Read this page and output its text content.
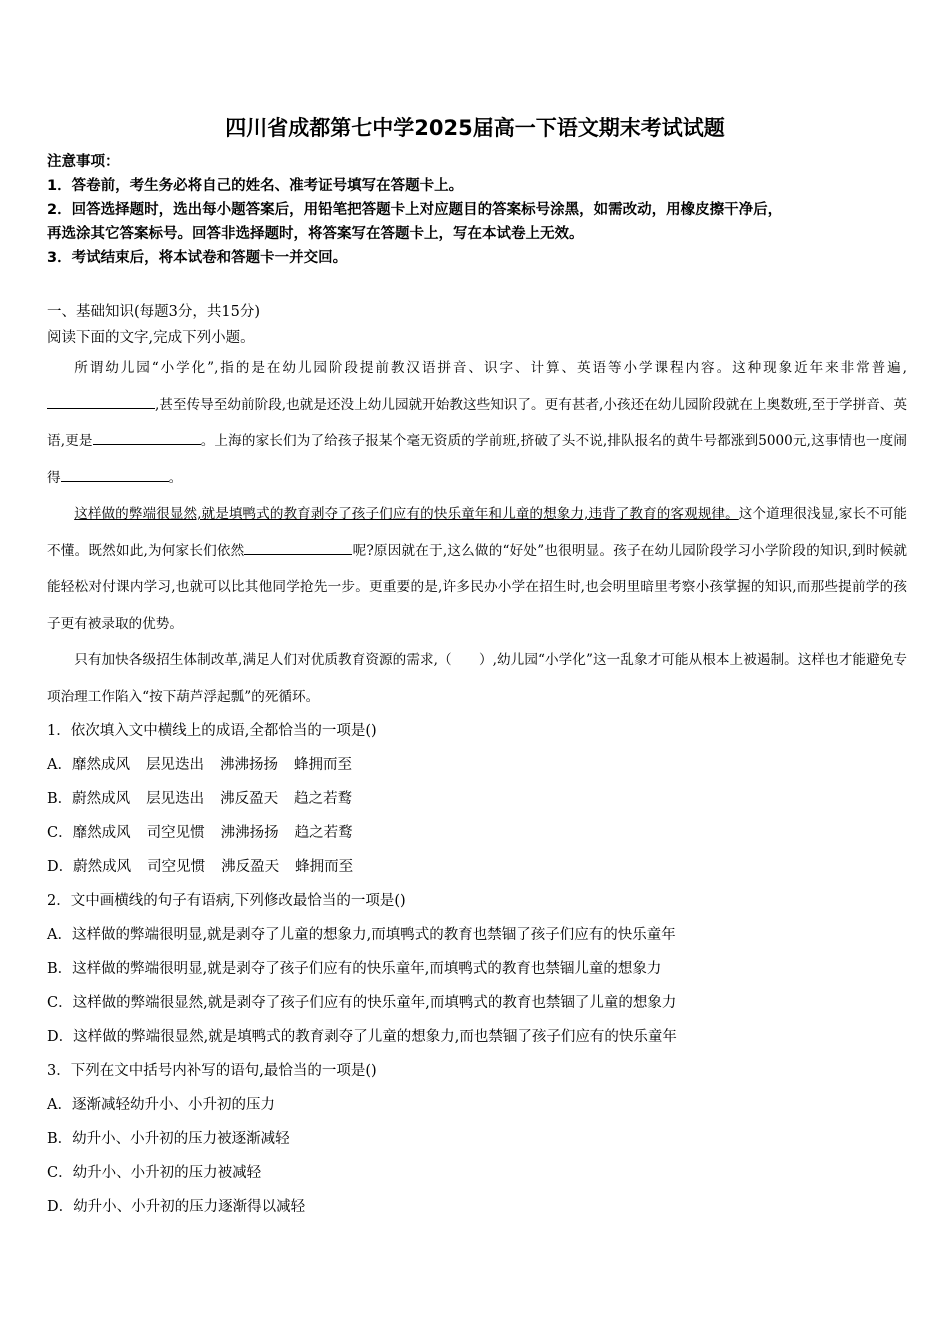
四川省成都第七中学2025届高一下语文期末考试试题
注意事项：
1．答卷前，考生务必将自己的姓名、准考证号填写在答题卡上。
2．回答选择题时，选出每小题答案后，用铅笔把答题卡上对应题目的答案标号涂黑，如需改动，用橡皮擦干净后，
再选涂其它答案标号。回答非选择题时，将答案写在答题卡上，写在本试卷上无效。
3．考试结束后，将本试卷和答题卡一并交回。
一、基础知识(每题3分，共15分)
阅读下面的文字,完成下列小题。

所谓幼儿园“小学化”,指的是在幼儿园阶段提前教汉语拼音、识字、计算、英语等小学课程内容。这种现象近年来非常普遍,,甚至传导至幼前阶段,也就是还没上幼儿园就开始教这些知识了。更有甚者,小孩还在幼儿园阶段就在上奥数班,至于学拼音、英语,更是	。上海的家长们为了给孩子报某个毫无资质的学前班,挤破了头不说,排队报名的黄牛号都涨到5000元,这事情也一度闹得	。

这样做的弊端很显然,就是填鸭式的教育剥夺了孩子们应有的快乐童年和儿童的想象力,违背了教育的客观规律。这个道理很浅显,家长不可能不懂。既然如此,为何家长们依然	呢?原因就在于,这么做的“好处”也很明显。孩子在幼儿园阶段学习小学阶段的知识,到时候就能轻松对付课内学习,也就可以比其他同学抢先一步。更重要的是,许多民办小学在招生时,也会明里暗里考察小孩掌握的知识,而那些提前学的孩子更有被录取的优势。

只有加快各级招生体制改革,满足人们对优质教育资源的需求,（　　）,幼儿园“小学化”这一乱象才可能从根本上被遏制。这样也才能避免专项治理工作陷入“按下葫芦浮起瓢”的死循环。

1．依次填入文中横线上的成语,全都恰当的一项是()
A．靡然成风 层见迭出 沸沸扬扬 蜂拥而至
B．蔚然成风 层见迭出 沸反盈天 趋之若鹜
C．靡然成风 司空见惯 沸沸扬扬 趋之若鹜
D．蔚然成风 司空见惯 沸反盈天 蜂拥而至
2．文中画横线的句子有语病,下列修改最恰当的一项是()
A．这样做的弊端很明显,就是剥夺了儿童的想象力,而填鸭式的教育也禁锢了孩子们应有的快乐童年
B．这样做的弊端很明显,就是剥夺了孩子们应有的快乐童年,而填鸭式的教育也禁锢儿童的想象力
C．这样做的弊端很显然,就是剥夺了孩子们应有的快乐童年,而填鸭式的教育也禁锢了儿童的想象力
D．这样做的弊端很显然,就是填鸭式的教育剥夺了儿童的想象力,而也禁锢了孩子们应有的快乐童年
3．下列在文中括号内补写的语句,最恰当的一项是()
A．逐渐减轻幼升小、小升初的压力
B．幼升小、小升初的压力被逐渐减轻
C．幼升小、小升初的压力被减轻
D．幼升小、小升初的压力逐渐得以减轻
